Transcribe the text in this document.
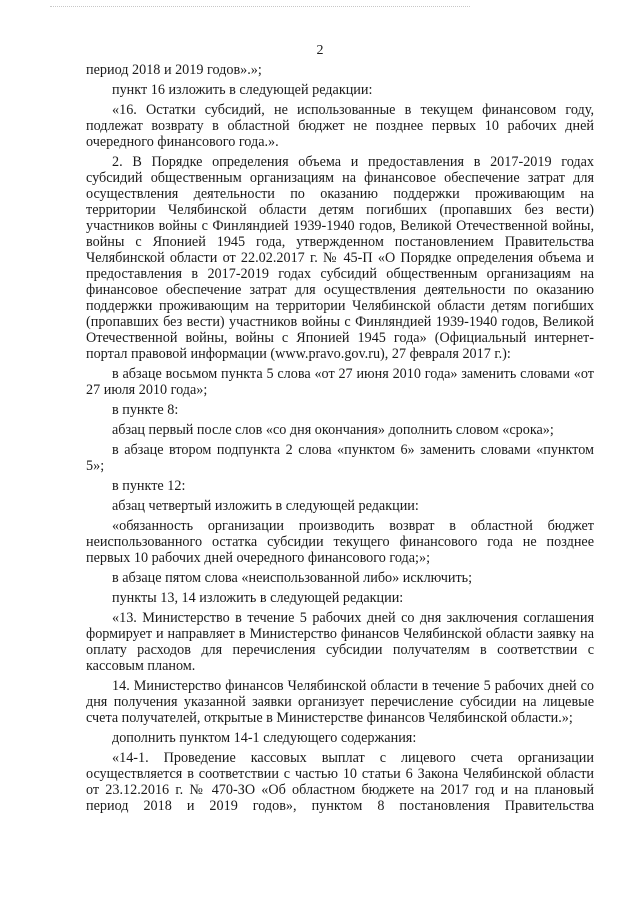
2

период 2018 и 2019 годов».»;

пункт 16 изложить в следующей редакции:

«16. Остатки субсидий, не использованные в текущем финансовом году, подлежат возврату в областной бюджет не позднее первых 10 рабочих дней очередного финансового года.».

2. В Порядке определения объема и предоставления в 2017-2019 годах субсидий общественным организациям на финансовое обеспечение затрат для осуществления деятельности по оказанию поддержки проживающим на территории Челябинской области детям погибших (пропавших без вести) участников войны с Финляндией 1939-1940 годов, Великой Отечественной войны, войны с Японией 1945 года, утвержденном постановлением Правительства Челябинской области от 22.02.2017 г. № 45-П «О Порядке определения объема и предоставления в 2017-2019 годах субсидий общественным организациям на финансовое обеспечение затрат для осуществления деятельности по оказанию поддержки проживающим на территории Челябинской области детям погибших (пропавших без вести) участников войны с Финляндией 1939-1940 годов, Великой Отечественной войны, войны с Японией 1945 года» (Официальный интернет-портал правовой информации (www.pravo.gov.ru), 27 февраля 2017 г.):

в абзаце восьмом пункта 5 слова «от 27 июня 2010 года» заменить словами «от 27 июля 2010 года»;

в пункте 8:

абзац первый после слов «со дня окончания» дополнить словом «срока»;

в абзаце втором подпункта 2 слова «пунктом 6» заменить словами «пунктом 5»;

в пункте 12:

абзац четвертый изложить в следующей редакции:

«обязанность организации производить возврат в областной бюджет неиспользованного остатка субсидии текущего финансового года не позднее первых 10 рабочих дней очередного финансового года;»;

в абзаце пятом слова «неиспользованной либо» исключить;

пункты 13, 14 изложить в следующей редакции:

«13. Министерство в течение 5 рабочих дней со дня заключения соглашения формирует и направляет в Министерство финансов Челябинской области заявку на оплату расходов для перечисления субсидии получателям в соответствии с кассовым планом.

14. Министерство финансов Челябинской области в течение 5 рабочих дней со дня получения указанной заявки организует перечисление субсидии на лицевые счета получателей, открытые в Министерстве финансов Челябинской области.»;

дополнить пунктом 14-1 следующего содержания:

«14-1. Проведение кассовых выплат с лицевого счета организации осуществляется в соответствии с частью 10 статьи 6 Закона Челябинской области от 23.12.2016 г. № 470-ЗО «Об областном бюджете на 2017 год и на плановый период 2018 и 2019 годов», пунктом 8 постановления Правительства
